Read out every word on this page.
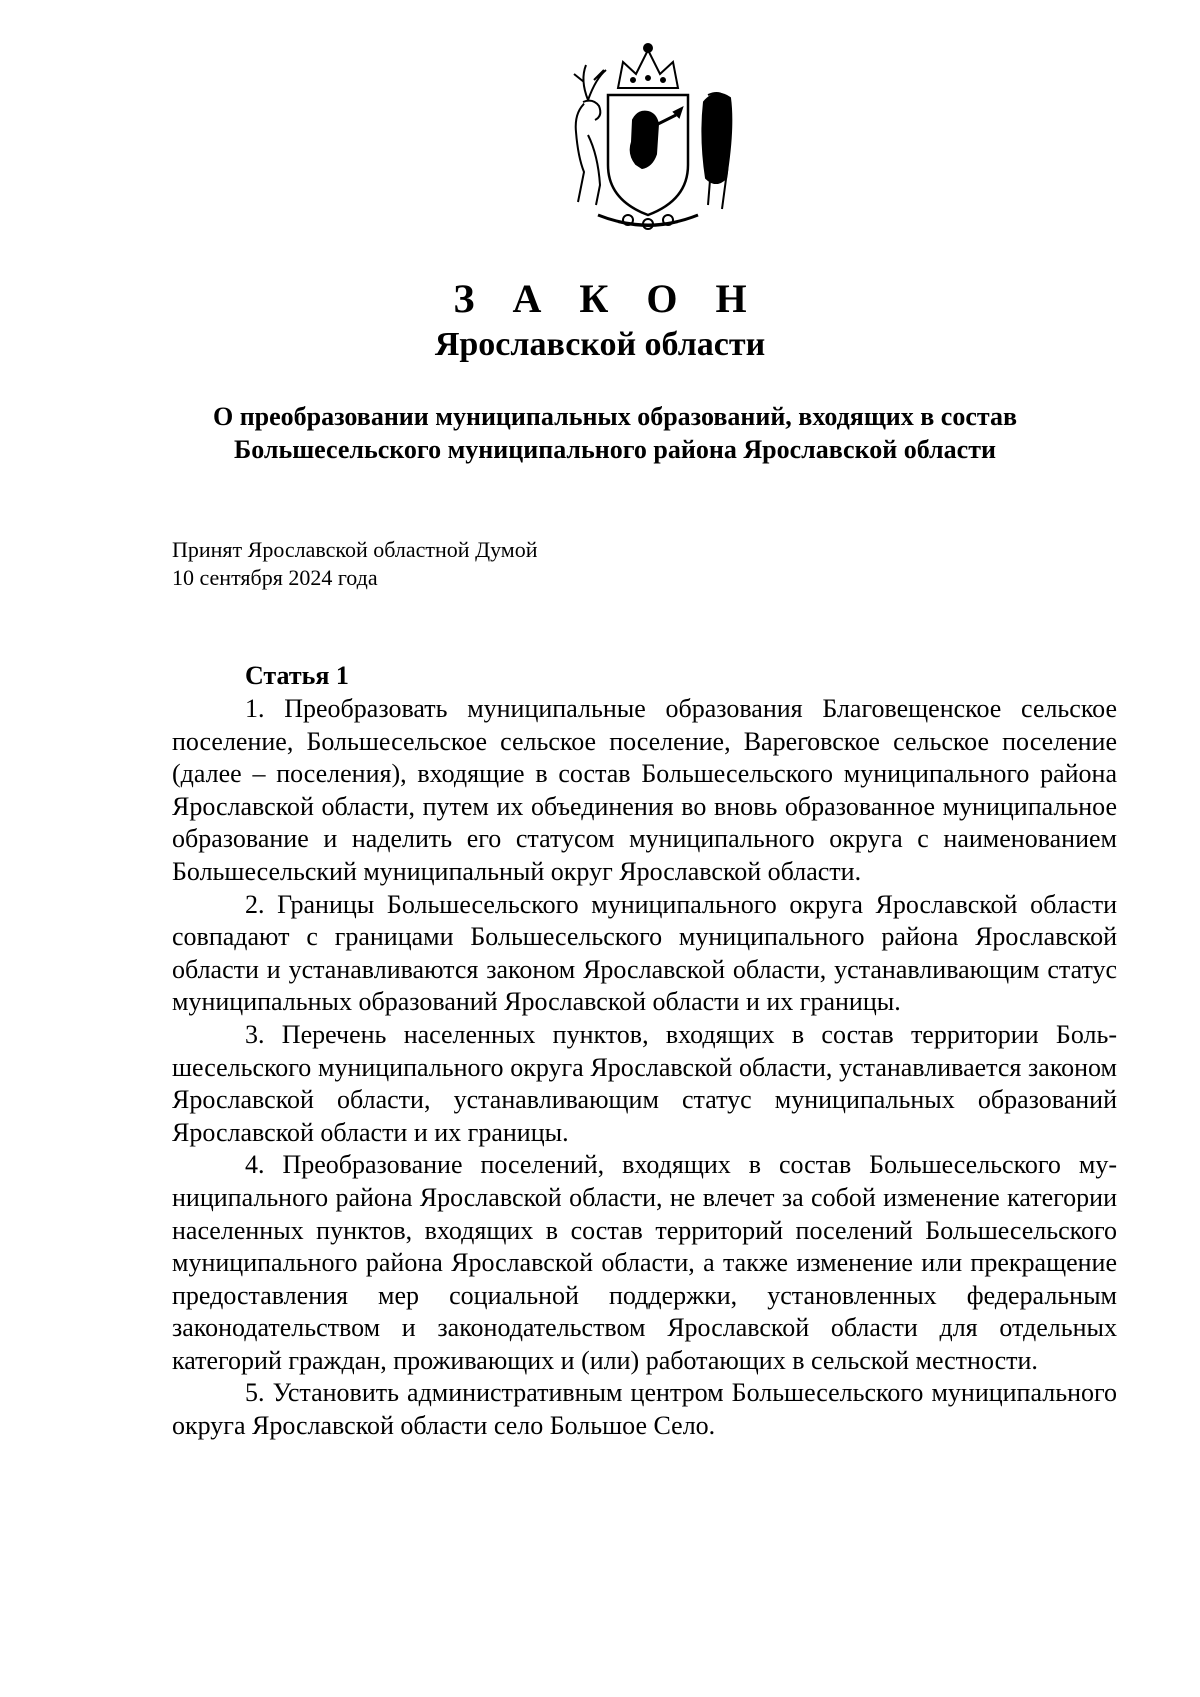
З А К О Н
Ярославской области
О преобразовании муниципальных образований, входящих в состав
Большесельского муниципального района Ярославской области
Принят Ярославской областной Думой
10 сентября 2024 года
Статья 1

1. Преобразовать муниципальные образования Благовещенское сельское поселение, Большесельское сельское поселение, Вареговское сельское поселение (далее – поселения), входящие в состав Большесельского муниципального района Ярославской области, путем их объединения во вновь образованное муниципальное образование и наделить его статусом муниципального округа с наименованием Большесельский муниципальный округ Ярославской области.

2. Границы Большесельского муниципального округа Ярославской области совпадают с границами Большесельского муниципального района Ярославской области и устанавливаются законом Ярославской области, устанавливающим статус муниципальных образований Ярославской области и их границы.

3. Перечень населенных пунктов, входящих в состав территории Большесельского муниципального округа Ярославской области, устанавливается законом Ярославской области, устанавливающим статус муниципальных образований Ярославской области и их границы.

4. Преобразование поселений, входящих в состав Большесельского муниципального района Ярославской области, не влечет за собой изменение категории населенных пунктов, входящих в состав территорий поселений Большесельского муниципального района Ярославской области, а также изменение или прекращение предоставления мер социальной поддержки, установленных федеральным законодательством и законодательством Ярославской области для отдельных категорий граждан, проживающих и (или) работающих в сельской местности.

5. Установить административным центром Большесельского муниципального округа Ярославской области село Большое Село.
